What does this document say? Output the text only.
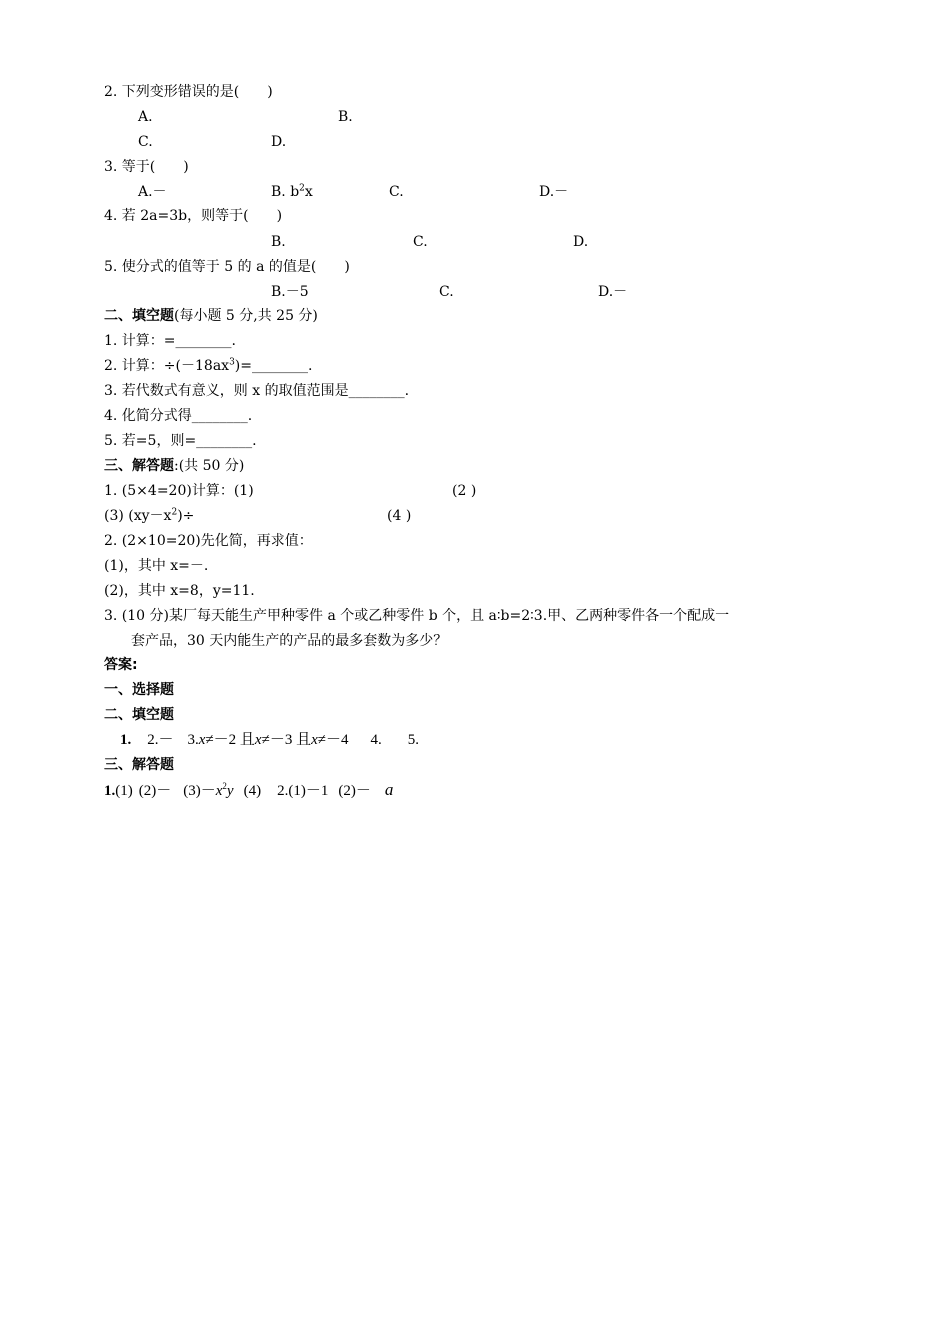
2. 下列变形错误的是(　　)
A.	B.
C.	D.
3. 等于(　　)
A.－	B. $b^2x$	C.	D.－
4. 若 2a=3b，则等于(　　)
B.	C.	D.
5. 使分式的值等于 5 的 a 的值是(　　)
B.－5	C.	D.－
二、填空题(每小题 5 分,共 25 分)
1. 计算：=________.
2. 计算：$\div(-18ax^3)=\_\_\_\_\_\_\_\_$.
3. 若代数式有意义，则 x 的取值范围是________.
4. 化简分式得________.
5. 若=5，则=________.
三、解答题:(共 50 分)
1. (5×4=20)计算：(1)	(2 )
(3) $(xy-x^2)\div$	(4 )
2. (2×10=20)先化简，再求值：
(1)，其中 x=－.
(2)，其中 x=8，y=11.
3. (10 分)某厂每天能生产甲种零件 a 个或乙种零件 b 个，且 a∶b=2∶3.甲、乙两种零件各一个配成一
套产品，30 天内能生产的产品的最多套数为多少？
答案:
一、选择题
二、填空题
1. 2.－ 3.x≠－2 且x≠－3 且x≠－4 4. 5.
三、解答题
1.(1) $(2)- (3)-x^2y$ (4) 2.(1)－1 (2)－ a
